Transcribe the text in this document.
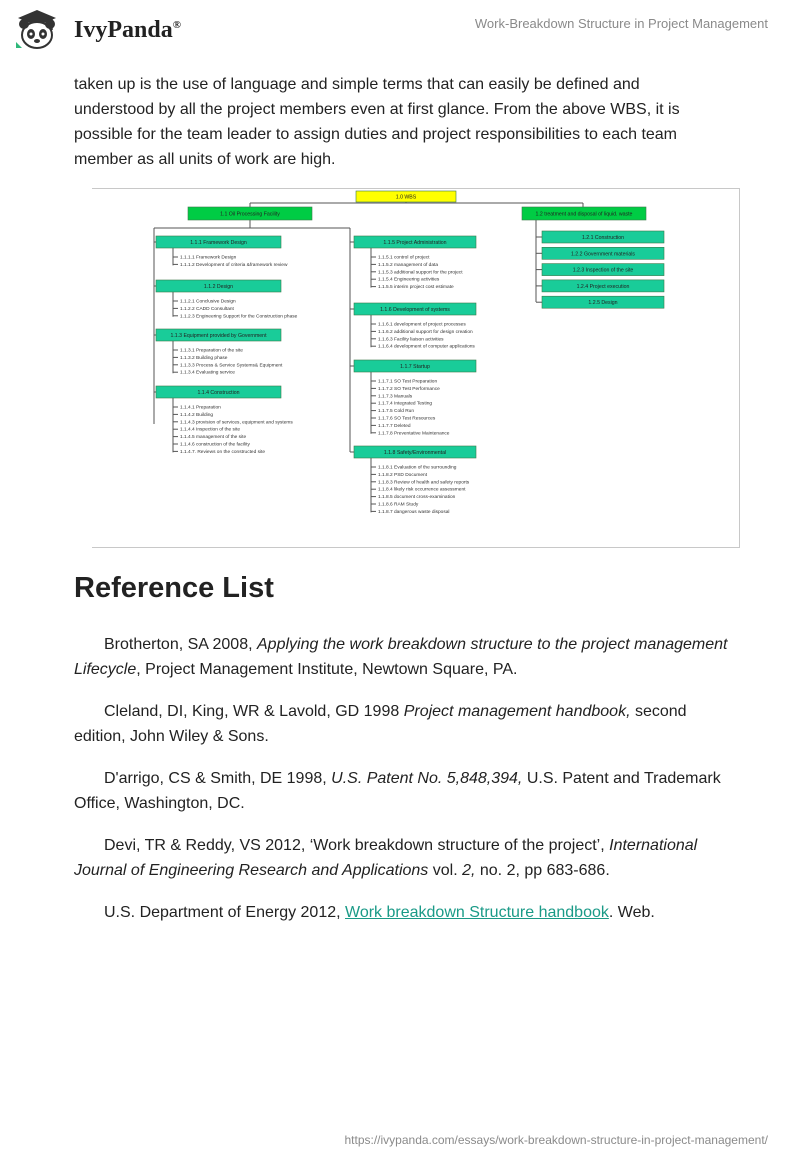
IvyPanda®	Work-Breakdown Structure in Project Management

taken up is the use of language and simple terms that can easily be defined and understood by all the project members even at first glance. From the above WBS, it is possible for the team leader to assign duties and project responsibilities to each team member as all units of work are high.

1.0 WBS
1.1 Oil Processing Facility	1.2 treatment and disposal of liquid. waste
1.2.1 Construction
1.2.2 Government materials
1.2.3 Inspection of the site
1.2.4 Project execution
1.2.5 Design
1.1.1 Framework Design
1.1.1.1 Framework Design
1.1.1.2 Development of criteria &framework review
1.1.2 Design
1.1.2.1 Conclusive Design
1.1.2.2 CADD Consultant
1.1.2.3 Engineering Support for the Construction phase
1.1.3 Equipment provided by Government
1.1.3.1 Preparation of the site
1.1.3.2 Building phase
1.1.3.3 Process & Service Systems& Equipment
1.1.3.4 Evaluating service
1.1.4 Construction
1.1.4.1 Preparation
1.1.4.2 Building
1.1.4.3 provision of services, equipment and systems
1.1.4.4 Inspection of the site
1.1.4.5 management of the site
1.1.4.6 construction of the facility
1.1.4.7. Reviews on the constructed site
1.1.5 Project Administration
1.1.5.1 control of project
1.1.5.2 management of data
1.1.5.3 additional support for the project
1.1.5.4 Engineering activities
1.1.5.5 interim project cost estimate
1.1.6 Development of systems
1.1.6.1 development of project processes
1.1.6.2 additional support for design creation
1.1.6.3 Facility liaison activities
1.1.6.4 development of computer applications
1.1.7 Startup
1.1.7.1 SO Test Preparation
1.1.7.2 SO Test Performance
1.1.7.3 Manuals
1.1.7.4 Integrated Testing
1.1.7.5 Cold Run
1.1.7.6 SO Test Resources
1.1.7.7 Deleted
1.1.7.8 Preventative Maintenance
1.1.8 Safety/Environmental
1.1.8.1 Evaluation of the surrounding
1.1.8.2 PSD Document
1.1.8.3 Review of health and safety reports
1.1.8.4 likely risk occurrence assessment
1.1.8.5 document cross-examination
1.1.8.6 RAM Study
1.1.8.7 dangerous waste disposal
Reference List

Brotherton, SA 2008, Applying the work breakdown structure to the project management Lifecycle, Project Management Institute, Newtown Square, PA.

Cleland, DI, King, WR & Lavold, GD 1998 Project management handbook, second edition, John Wiley & Sons.

D'arrigo, CS & Smith, DE 1998, U.S. Patent No. 5,848,394, U.S. Patent and Trademark Office, Washington, DC.

Devi, TR & Reddy, VS 2012, ‘Work breakdown structure of the project’, International Journal of Engineering Research and Applications vol. 2, no. 2, pp 683-686.

U.S. Department of Energy 2012, Work breakdown Structure handbook. Web.

https://ivypanda.com/essays/work-breakdown-structure-in-project-management/
